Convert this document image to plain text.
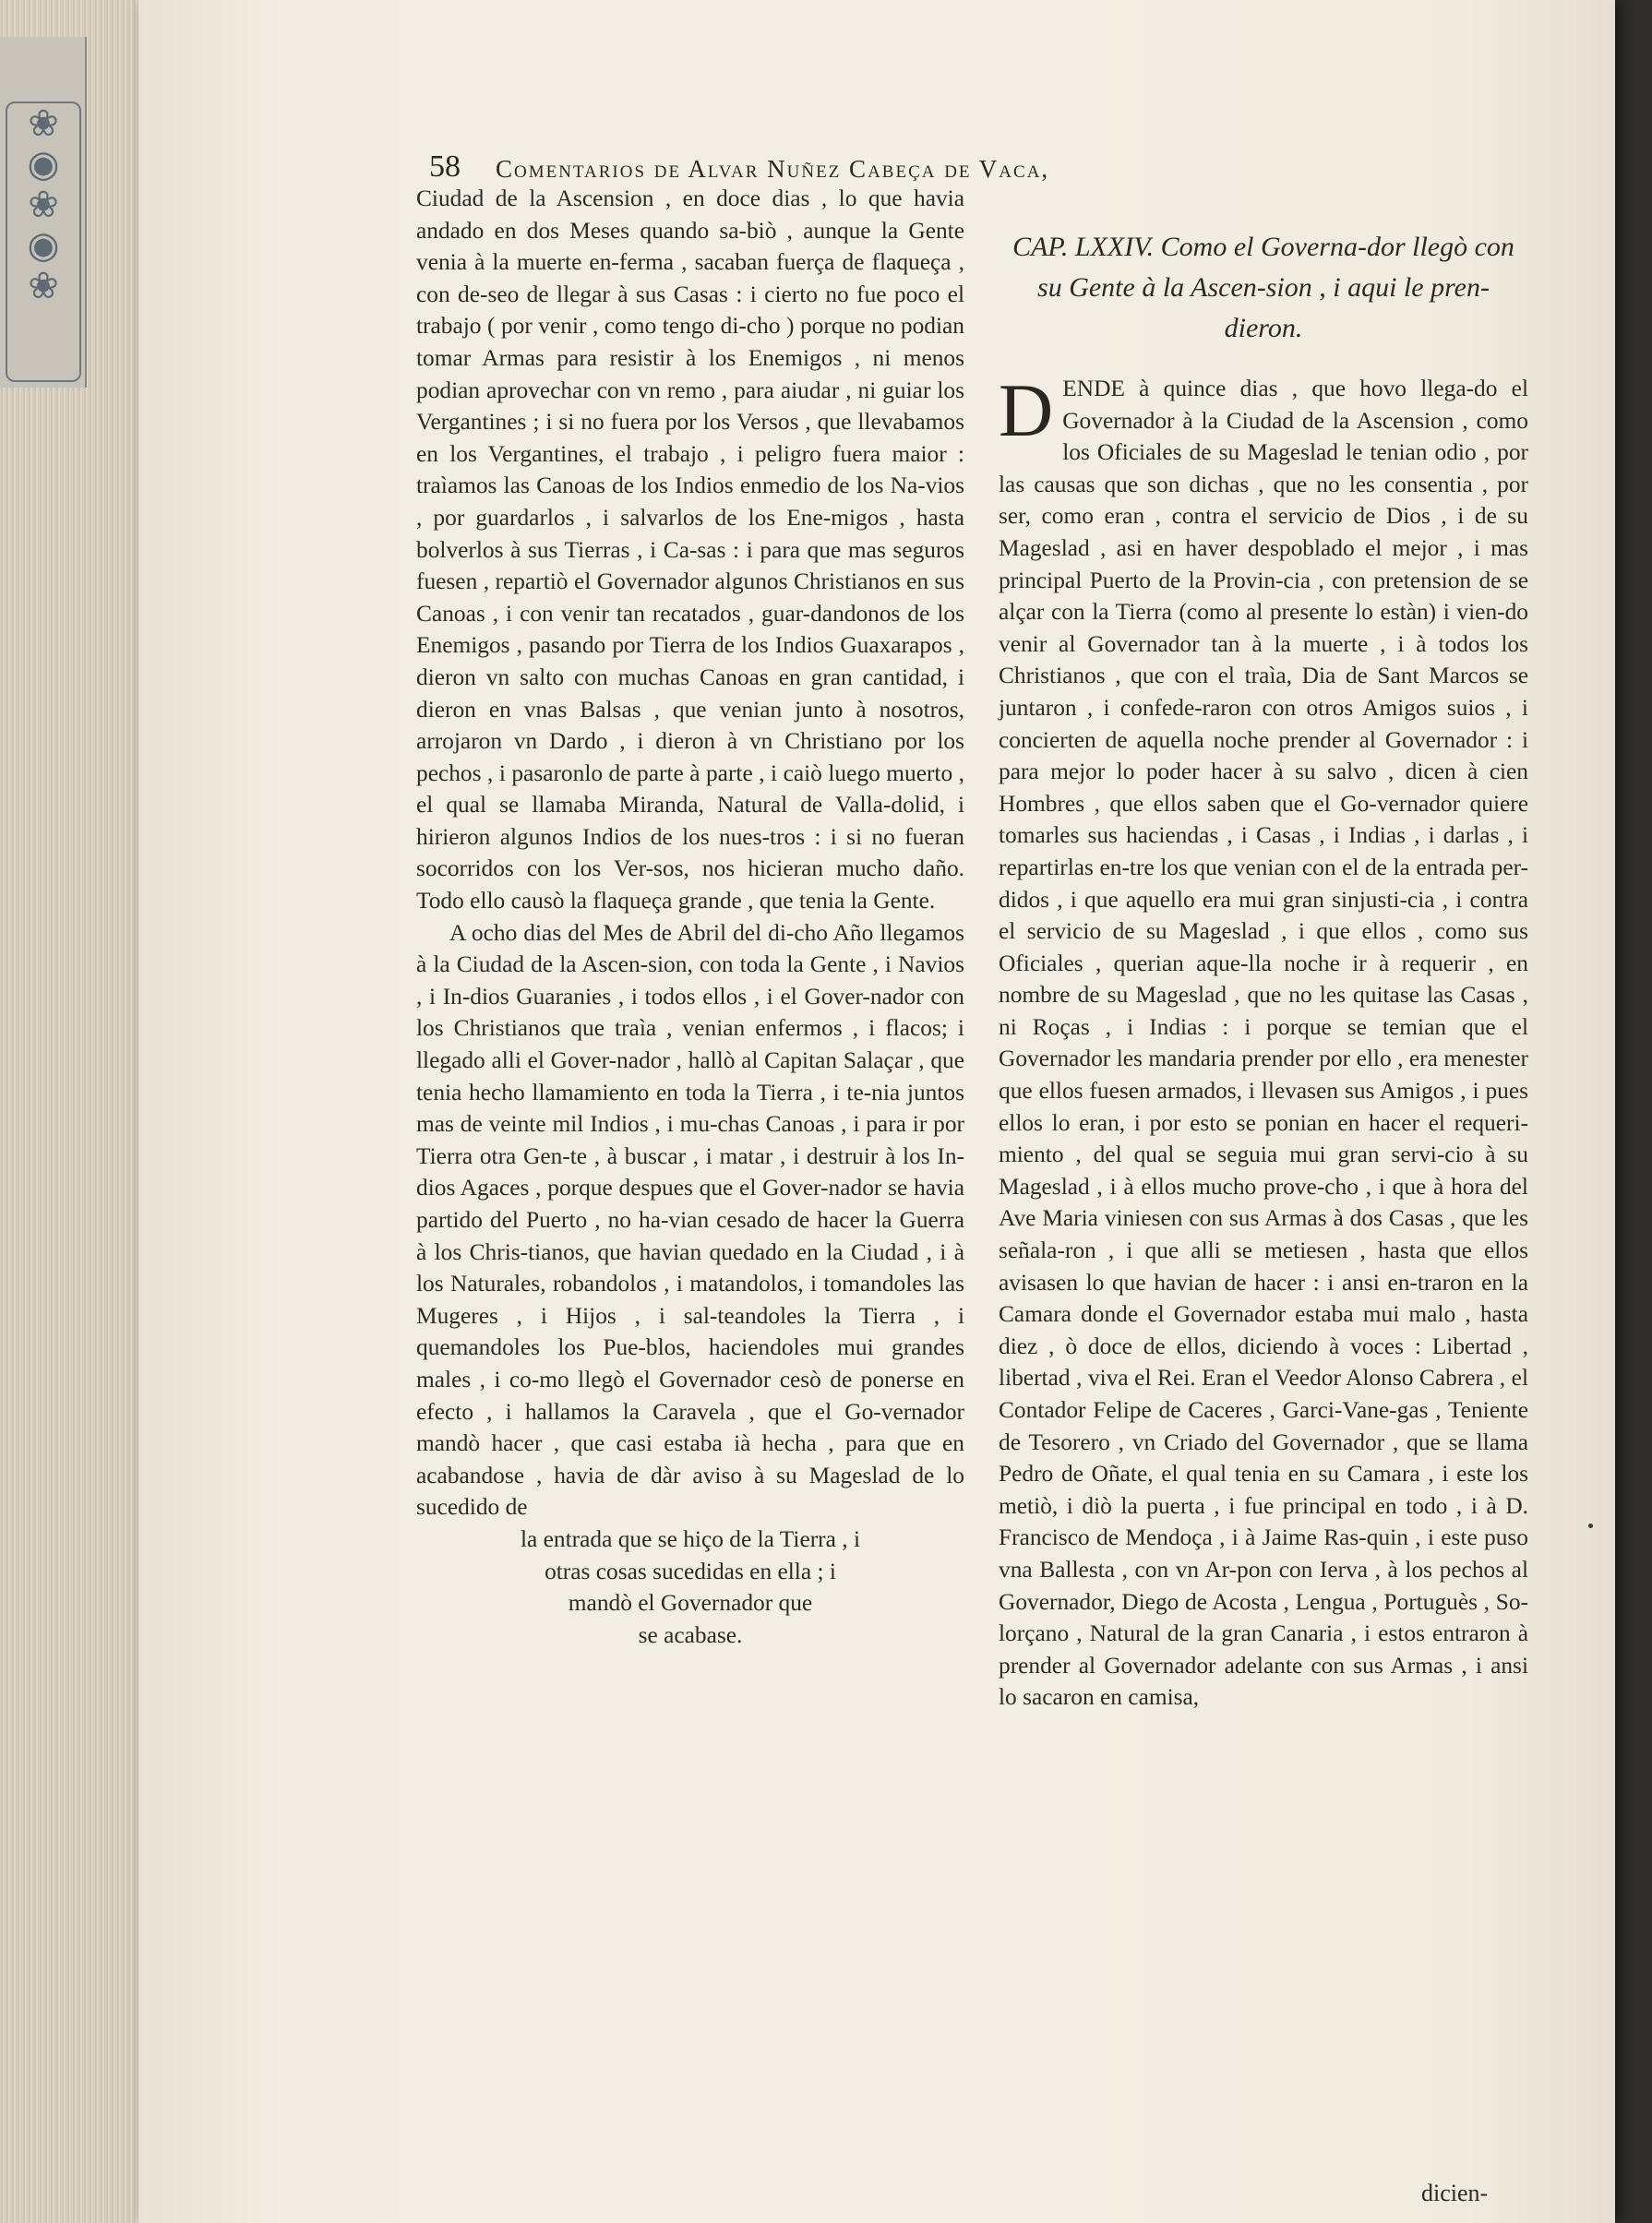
❀ ◉ ❀ ◉ ❀
58 Comentarios de Alvar Nuñez Cabeça de Vaca,

Ciudad de la Ascension , en doce dias , lo que havia andado en dos Meses quando sa-biò , aunque la Gente venia à la muerte en-ferma , sacaban fuerça de flaqueça , con de-seo de llegar à sus Casas : i cierto no fue poco el trabajo ( por venir , como tengo di-cho ) porque no podian tomar Armas para resistir à los Enemigos , ni menos podian aprovechar con vn remo , para aiudar , ni guiar los Vergantines ; i si no fuera por los Versos , que llevabamos en los Vergantines, el trabajo , i peligro fuera maior : traìamos las Canoas de los Indios enmedio de los Na-vios , por guardarlos , i salvarlos de los Ene-migos , hasta bolverlos à sus Tierras , i Ca-sas : i para que mas seguros fuesen , repartiò el Governador algunos Christianos en sus Canoas , i con venir tan recatados , guar-dandonos de los Enemigos , pasando por Tierra de los Indios Guaxarapos , dieron vn salto con muchas Canoas en gran cantidad, i dieron en vnas Balsas , que venian junto à nosotros, arrojaron vn Dardo , i dieron à vn Christiano por los pechos , i pasaronlo de parte à parte , i caiò luego muerto , el qual se llamaba Miranda, Natural de Valla-dolid, i hirieron algunos Indios de los nues-tros : i si no fueran socorridos con los Ver-sos, nos hicieran mucho daño. Todo ello causò la flaqueça grande , que tenia la Gente.

A ocho dias del Mes de Abril del di-cho Año llegamos à la Ciudad de la Ascen-sion, con toda la Gente , i Navios , i In-dios Guaranies , i todos ellos , i el Gover-nador con los Christianos que traìa , venian enfermos , i flacos; i llegado alli el Gover-nador , hallò al Capitan Salaçar , que tenia hecho llamamiento en toda la Tierra , i te-nia juntos mas de veinte mil Indios , i mu-chas Canoas , i para ir por Tierra otra Gen-te , à buscar , i matar , i destruir à los In-dios Agaces , porque despues que el Gover-nador se havia partido del Puerto , no ha-vian cesado de hacer la Guerra à los Chris-tianos, que havian quedado en la Ciudad , i à los Naturales, robandolos , i matandolos, i tomandoles las Mugeres , i Hijos , i sal-teandoles la Tierra , i quemandoles los Pue-blos, haciendoles mui grandes males , i co-mo llegò el Governador cesò de ponerse en efecto , i hallamos la Caravela , que el Go-vernador mandò hacer , que casi estaba ià hecha , para que en acabandose , havia de dàr aviso à su Mageslad de lo sucedido de

la entrada que se hiço de la Tierra , i

otras cosas sucedidas en ella ; i

mandò el Governador que

se acabase.

CAP. LXXIV. Como el Governa-dor llegò con su Gente à la Ascen-sion , i aqui le pren-dieron.

D ENDE à quince dias , que hovo llega-do el Governador à la Ciudad de la Ascension , como los Oficiales de su Mageslad le tenian odio , por las causas que son dichas , que no les consentia , por ser, como eran , contra el servicio de Dios , i de su Mageslad , asi en haver despoblado el mejor , i mas principal Puerto de la Provin-cia , con pretension de se alçar con la Tierra (como al presente lo estàn) i vien-do venir al Governador tan à la muerte , i à todos los Christianos , que con el traìa, Dia de Sant Marcos se juntaron , i confede-raron con otros Amigos suios , i concierten de aquella noche prender al Governador : i para mejor lo poder hacer à su salvo , dicen à cien Hombres , que ellos saben que el Go-vernador quiere tomarles sus haciendas , i Casas , i Indias , i darlas , i repartirlas en-tre los que venian con el de la entrada per-didos , i que aquello era mui gran sinjusti-cia , i contra el servicio de su Mageslad , i que ellos , como sus Oficiales , querian aque-lla noche ir à requerir , en nombre de su Mageslad , que no les quitase las Casas , ni Roças , i Indias : i porque se temian que el Governador les mandaria prender por ello , era menester que ellos fuesen armados, i llevasen sus Amigos , i pues ellos lo eran, i por esto se ponian en hacer el requeri-miento , del qual se seguia mui gran servi-cio à su Mageslad , i à ellos mucho prove-cho , i que à hora del Ave Maria viniesen con sus Armas à dos Casas , que les señala-ron , i que alli se metiesen , hasta que ellos avisasen lo que havian de hacer : i ansi en-traron en la Camara donde el Governador estaba mui malo , hasta diez , ò doce de ellos, diciendo à voces : Libertad , libertad , viva el Rei. Eran el Veedor Alonso Cabrera , el Contador Felipe de Caceres , Garci-Vane-gas , Teniente de Tesorero , vn Criado del Governador , que se llama Pedro de Oñate, el qual tenia en su Camara , i este los metiò, i diò la puerta , i fue principal en todo , i à D. Francisco de Mendoça , i à Jaime Ras-quin , i este puso vna Ballesta , con vn Ar-pon con Ierva , à los pechos al Governador, Diego de Acosta , Lengua , Portuguès , So-lorçano , Natural de la gran Canaria , i estos entraron à prender al Governador adelante con sus Armas , i ansi lo sacaron en camisa,

dicien-
